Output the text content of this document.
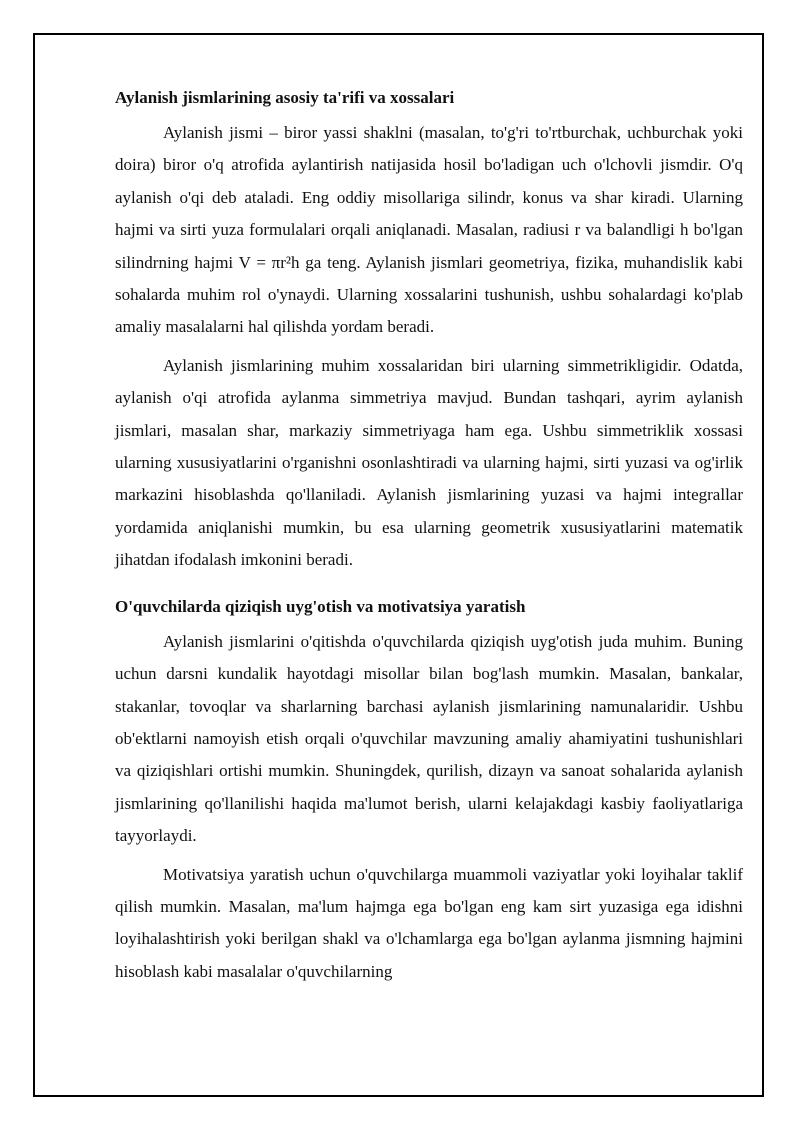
Aylanish jismlarining asosiy ta'rifi va xossalari

Aylanish jismi – biror yassi shaklni (masalan, to'g'ri to'rtburchak, uchburchak yoki doira) biror o'q atrofida aylantirish natijasida hosil bo'ladigan uch o'lchovli jismdir. O'q aylanish o'qi deb ataladi. Eng oddiy misollariga silindr, konus va shar kiradi. Ularning hajmi va sirti yuza formulalari orqali aniqlanadi. Masalan, radiusi r va balandligi h bo'lgan silindrning hajmi V = πr²h ga teng. Aylanish jismlari geometriya, fizika, muhandislik kabi sohalarda muhim rol o'ynaydi. Ularning xossalarini tushunish, ushbu sohalardagi ko'plab amaliy masalalarni hal qilishda yordam beradi.

Aylanish jismlarining muhim xossalaridan biri ularning simmetrikligidir. Odatda, aylanish o'qi atrofida aylanma simmetriya mavjud. Bundan tashqari, ayrim aylanish jismlari, masalan shar, markaziy simmetriyaga ham ega. Ushbu simmetriklik xossasi ularning xususiyatlarini o'rganishni osonlashtiradi va ularning hajmi, sirti yuzasi va og'irlik markazini hisoblashda qo'llaniladi. Aylanish jismlarining yuzasi va hajmi integrallar yordamida aniqlanishi mumkin, bu esa ularning geometrik xususiyatlarini matematik jihatdan ifodalash imkonini beradi.

O'quvchilarda qiziqish uyg'otish va motivatsiya yaratish

Aylanish jismlarini o'qitishda o'quvchilarda qiziqish uyg'otish juda muhim. Buning uchun darsni kundalik hayotdagi misollar bilan bog'lash mumkin. Masalan, bankalar, stakanlar, tovoqlar va sharlarning barchasi aylanish jismlarining namunalaridir. Ushbu ob'ektlarni namoyish etish orqali o'quvchilar mavzuning amaliy ahamiyatini tushunishlari va qiziqishlari ortishi mumkin. Shuningdek, qurilish, dizayn va sanoat sohalarida aylanish jismlarining qo'llanilishi haqida ma'lumot berish, ularni kelajakdagi kasbiy faoliyatlariga tayyorlaydi.

Motivatsiya yaratish uchun o'quvchilarga muammoli vaziyatlar yoki loyihalar taklif qilish mumkin. Masalan, ma'lum hajmga ega bo'lgan eng kam sirt yuzasiga ega idishni loyihalashtirish yoki berilgan shakl va o'lchamlarga ega bo'lgan aylanma jismning hajmini hisoblash kabi masalalar o'quvchilarning
